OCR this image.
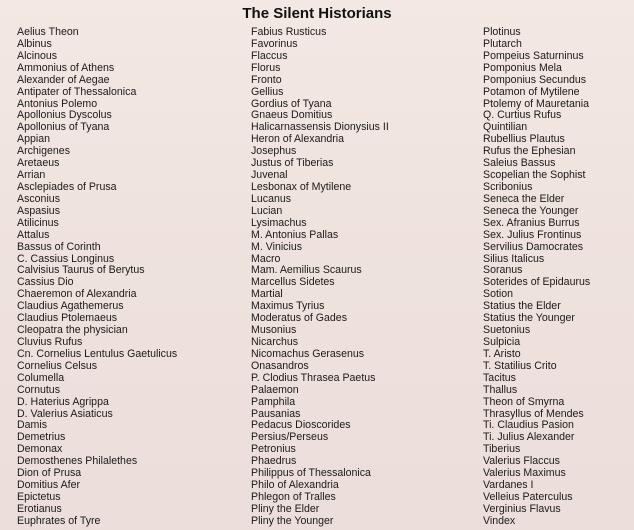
The Silent Historians
Aelius Theon
Albinus
Alcinous
Ammonius of Athens
Alexander of Aegae
Antipater of Thessalonica
Antonius Polemo
Apollonius Dyscolus
Apollonius of Tyana
Appian
Archigenes
Aretaeus
Arrian
Asclepiades of Prusa
Asconius
Aspasius
Atilicinus
Attalus
Bassus of Corinth
C. Cassius Longinus
Calvisius Taurus of Berytus
Cassius Dio
Chaeremon of Alexandria
Claudius Agathemerus
Claudius Ptolemaeus
Cleopatra the physician
Cluvius Rufus
Cn. Cornelius Lentulus Gaetulicus
Cornelius Celsus
Columella
Cornutus
D. Haterius Agrippa
D. Valerius Asiaticus
Damis
Demetrius
Demonax
Demosthenes Philalethes
Dion of Prusa
Domitius Afer
Epictetus
Erotianus
Euphrates of Tyre
Fabius Rusticus
Favorinus
Flaccus
Florus
Fronto
Gellius
Gordius of Tyana
Gnaeus Domitius
Halicarnassensis Dionysius II
Heron of Alexandria
Josephus
Justus of Tiberias
Juvenal
Lesbonax of Mytilene
Lucanus
Lucian
Lysimachus
M. Antonius Pallas
M. Vinicius
Macro
Mam. Aemilius Scaurus
Marcellus Sidetes
Martial
Maximus Tyrius
Moderatus of Gades
Musonius
Nicarchus
Nicomachus Gerasenus
Onasandros
P. Clodius Thrasea Paetus
Palaemon
Pamphila
Pausanias
Pedacus Dioscorides
Persius/Perseus
Petronius
Phaedrus
Philippus of Thessalonica
Philo of Alexandria
Phlegon of Tralles
Pliny the Elder
Pliny the Younger
Plotinus
Plutarch
Pompeius Saturninus
Pomponius Mela
Pomponius Secundus
Potamon of Mytilene
Ptolemy of Mauretania
Q. Curtius Rufus
Quintilian
Rubellius Plautus
Rufus the Ephesian
Saleius Bassus
Scopelian the Sophist
Scribonius
Seneca the Elder
Seneca the Younger
Sex. Afranius Burrus
Sex. Julius Frontinus
Servilius Damocrates
Silius Italicus
Soranus
Soterides of Epidaurus
Sotion
Statius the Elder
Statius the Younger
Suetonius
Sulpicia
T. Aristo
T. Statilius Crito
Tacitus
Thallus
Theon of Smyrna
Thrasyllus of Mendes
Ti. Claudius Pasion
Ti. Julius Alexander
Tiberius
Valerius Flaccus
Valerius Maximus
Vardanes I
Velleius Paterculus
Verginius Flavus
Vindex
